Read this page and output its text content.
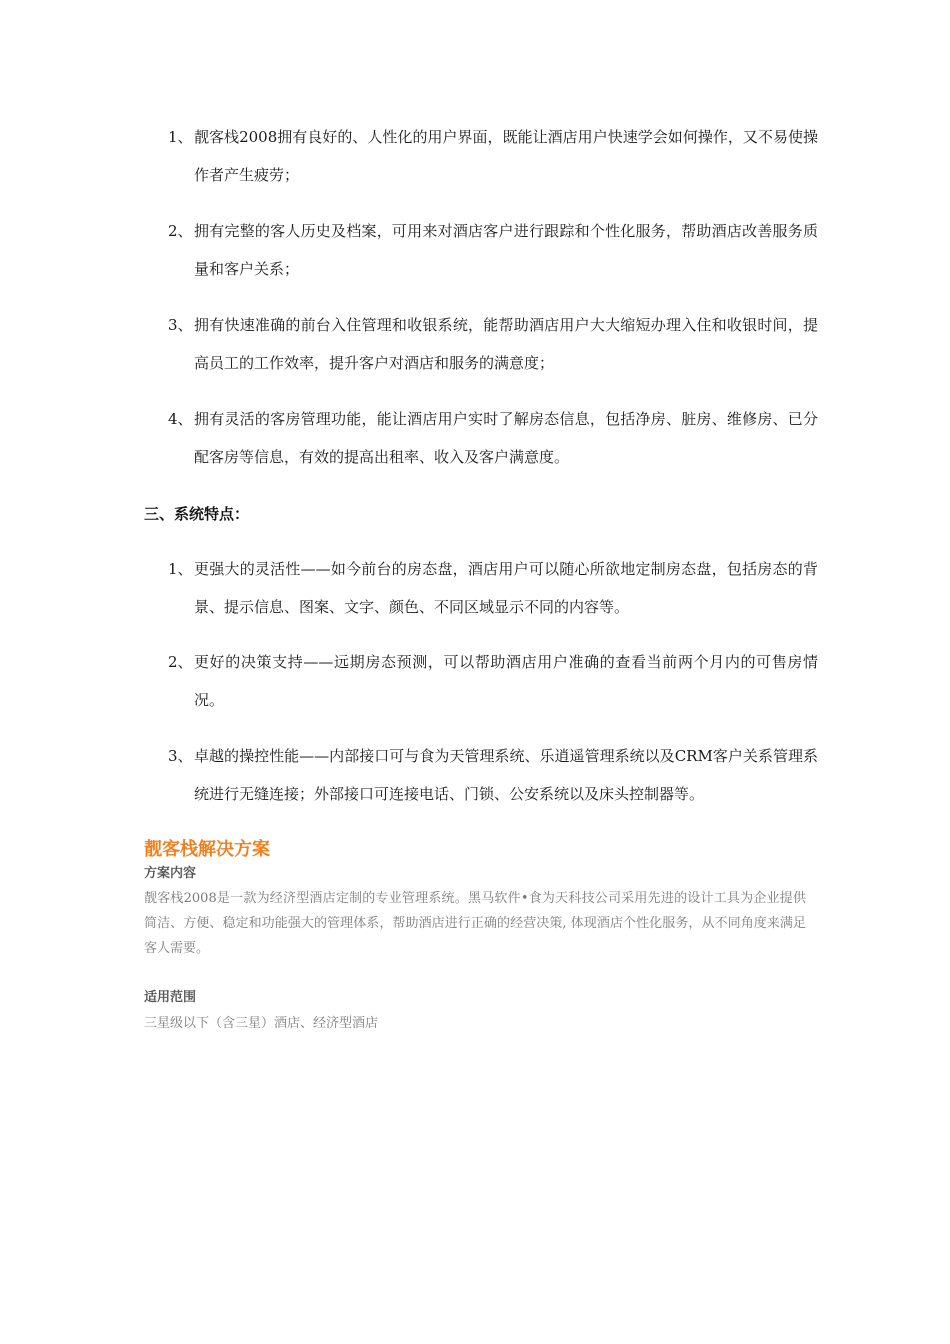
1、 靓客栈2008拥有良好的、人性化的用户界面，既能让酒店用户快速学会如何操作，又不易使操作者产生疲劳；
2、 拥有完整的客人历史及档案，可用来对酒店客户进行跟踪和个性化服务，帮助酒店改善服务质量和客户关系；
3、 拥有快速准确的前台入住管理和收银系统，能帮助酒店用户大大缩短办理入住和收银时间，提高员工的工作效率，提升客户对酒店和服务的满意度；
4、 拥有灵活的客房管理功能，能让酒店用户实时了解房态信息，包括净房、脏房、维修房、已分配客房等信息，有效的提高出租率、收入及客户满意度。
三、系统特点：
1、 更强大的灵活性——如今前台的房态盘，酒店用户可以随心所欲地定制房态盘，包括房态的背景、提示信息、图案、文字、颜色、不同区域显示不同的内容等。
2、 更好的决策支持——远期房态预测，可以帮助酒店用户准确的查看当前两个月内的可售房情况。
3、 卓越的操控性能——内部接口可与食为天管理系统、乐逍遥管理系统以及CRM客户关系管理系统进行无缝连接；外部接口可连接电话、门锁、公安系统以及床头控制器等。
靓客栈解决方案
方案内容
靓客栈2008是一款为经济型酒店定制的专业管理系统。黑马软件•食为天科技公司采用先进的设计工具为企业提供简洁、方便、稳定和功能强大的管理体系，帮助酒店进行正确的经营决策, 体现酒店个性化服务，从不同角度来满足客人需要。
适用范围
三星级以下（含三星）酒店、经济型酒店
